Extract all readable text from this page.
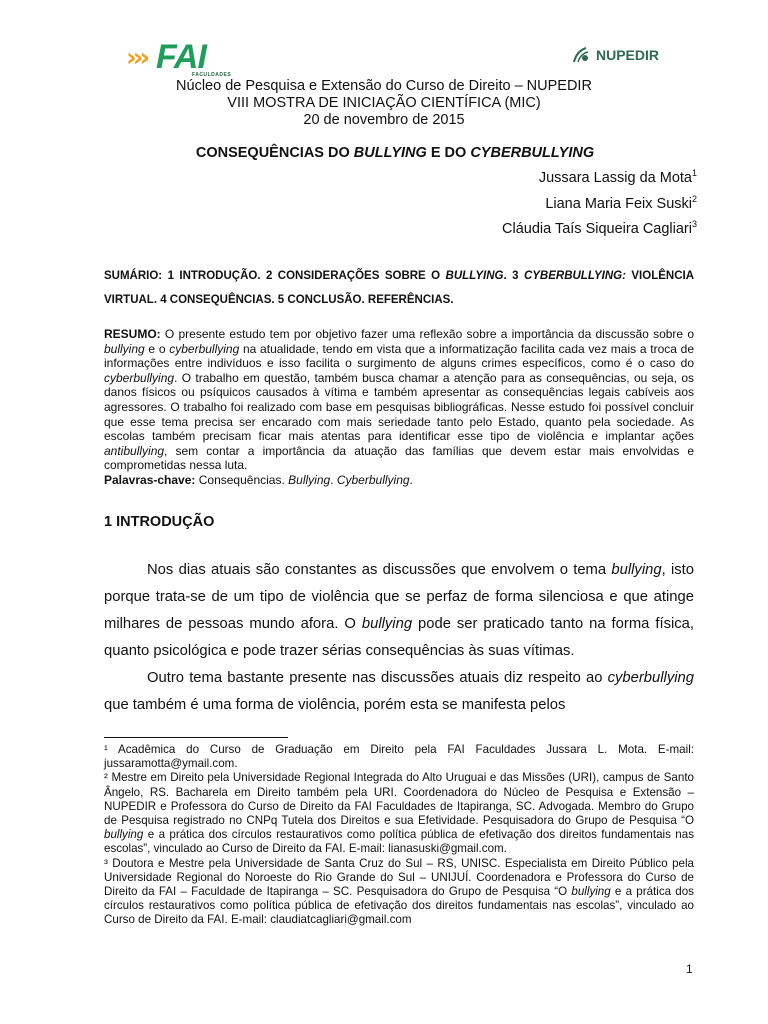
››› FAI
FACULDADES
NUPEDIR
Núcleo de Pesquisa e Extensão do Curso de Direito – NUPEDIR
VIII MOSTRA DE INICIAÇÃO CIENTÍFICA (MIC)
20 de novembro de 2015
CONSEQUÊNCIAS DO BULLYING E DO CYBERBULLYING
Jussara Lassig da Mota$^1$
Liana Maria Feix Suski$^2$
Cláudia Taís Siqueira Cagliari$^3$
SUMÁRIO: 1 INTRODUÇÃO. 2 CONSIDERAÇÕES SOBRE O BULLYING. 3 CYBERBULLYING: VIOLÊNCIA VIRTUAL. 4 CONSEQUÊNCIAS. 5 CONCLUSÃO. REFERÊNCIAS.
RESUMO: O presente estudo tem por objetivo fazer uma reflexão sobre a importância da discussão sobre o bullying e o cyberbullying na atualidade, tendo em vista que a informatização facilita cada vez mais a troca de informações entre indivíduos e isso facilita o surgimento de alguns crimes específicos, como é o caso do cyberbullying. O trabalho em questão, também busca chamar a atenção para as consequências, ou seja, os danos físicos ou psíquicos causados à vítima e também apresentar as consequências legais cabíveis aos agressores. O trabalho foi realizado com base em pesquisas bibliográficas. Nesse estudo foi possível concluir que esse tema precisa ser encarado com mais seriedade tanto pelo Estado, quanto pela sociedade. As escolas também precisam ficar mais atentas para identificar esse tipo de violência e implantar ações antibullying, sem contar a importância da atuação das famílias que devem estar mais envolvidas e comprometidas nessa luta.
Palavras-chave: Consequências. Bullying. Cyberbullying.
1 INTRODUÇÃO

Nos dias atuais são constantes as discussões que envolvem o tema bullying, isto porque trata-se de um tipo de violência que se perfaz de forma silenciosa e que atinge milhares de pessoas mundo afora. O bullying pode ser praticado tanto na forma física, quanto psicológica e pode trazer sérias consequências às suas vítimas.

Outro tema bastante presente nas discussões atuais diz respeito ao cyberbullying que também é uma forma de violência, porém esta se manifesta pelos

¹ Acadêmica do Curso de Graduação em Direito pela FAI Faculdades Jussara L. Mota. E-mail: jussaramotta@ymail.com.

² Mestre em Direito pela Universidade Regional Integrada do Alto Uruguai e das Missões (URI), campus de Santo Ângelo, RS. Bacharela em Direito também pela URI. Coordenadora do Núcleo de Pesquisa e Extensão – NUPEDIR e Professora do Curso de Direito da FAI Faculdades de Itapiranga, SC. Advogada. Membro do Grupo de Pesquisa registrado no CNPq Tutela dos Direitos e sua Efetividade. Pesquisadora do Grupo de Pesquisa “O bullying e a prática dos círculos restaurativos como política pública de efetivação dos direitos fundamentais nas escolas”, vinculado ao Curso de Direito da FAI. E-mail: lianasuski@gmail.com.

³ Doutora e Mestre pela Universidade de Santa Cruz do Sul – RS, UNISC. Especialista em Direito Público pela Universidade Regional do Noroeste do Rio Grande do Sul – UNIJUÍ. Coordenadora e Professora do Curso de Direito da FAI – Faculdade de Itapiranga – SC. Pesquisadora do Grupo de Pesquisa “O bullying e a prática dos círculos restaurativos como política pública de efetivação dos direitos fundamentais nas escolas”, vinculado ao Curso de Direito da FAI. E-mail: claudiatcagliari@gmail.com

1
